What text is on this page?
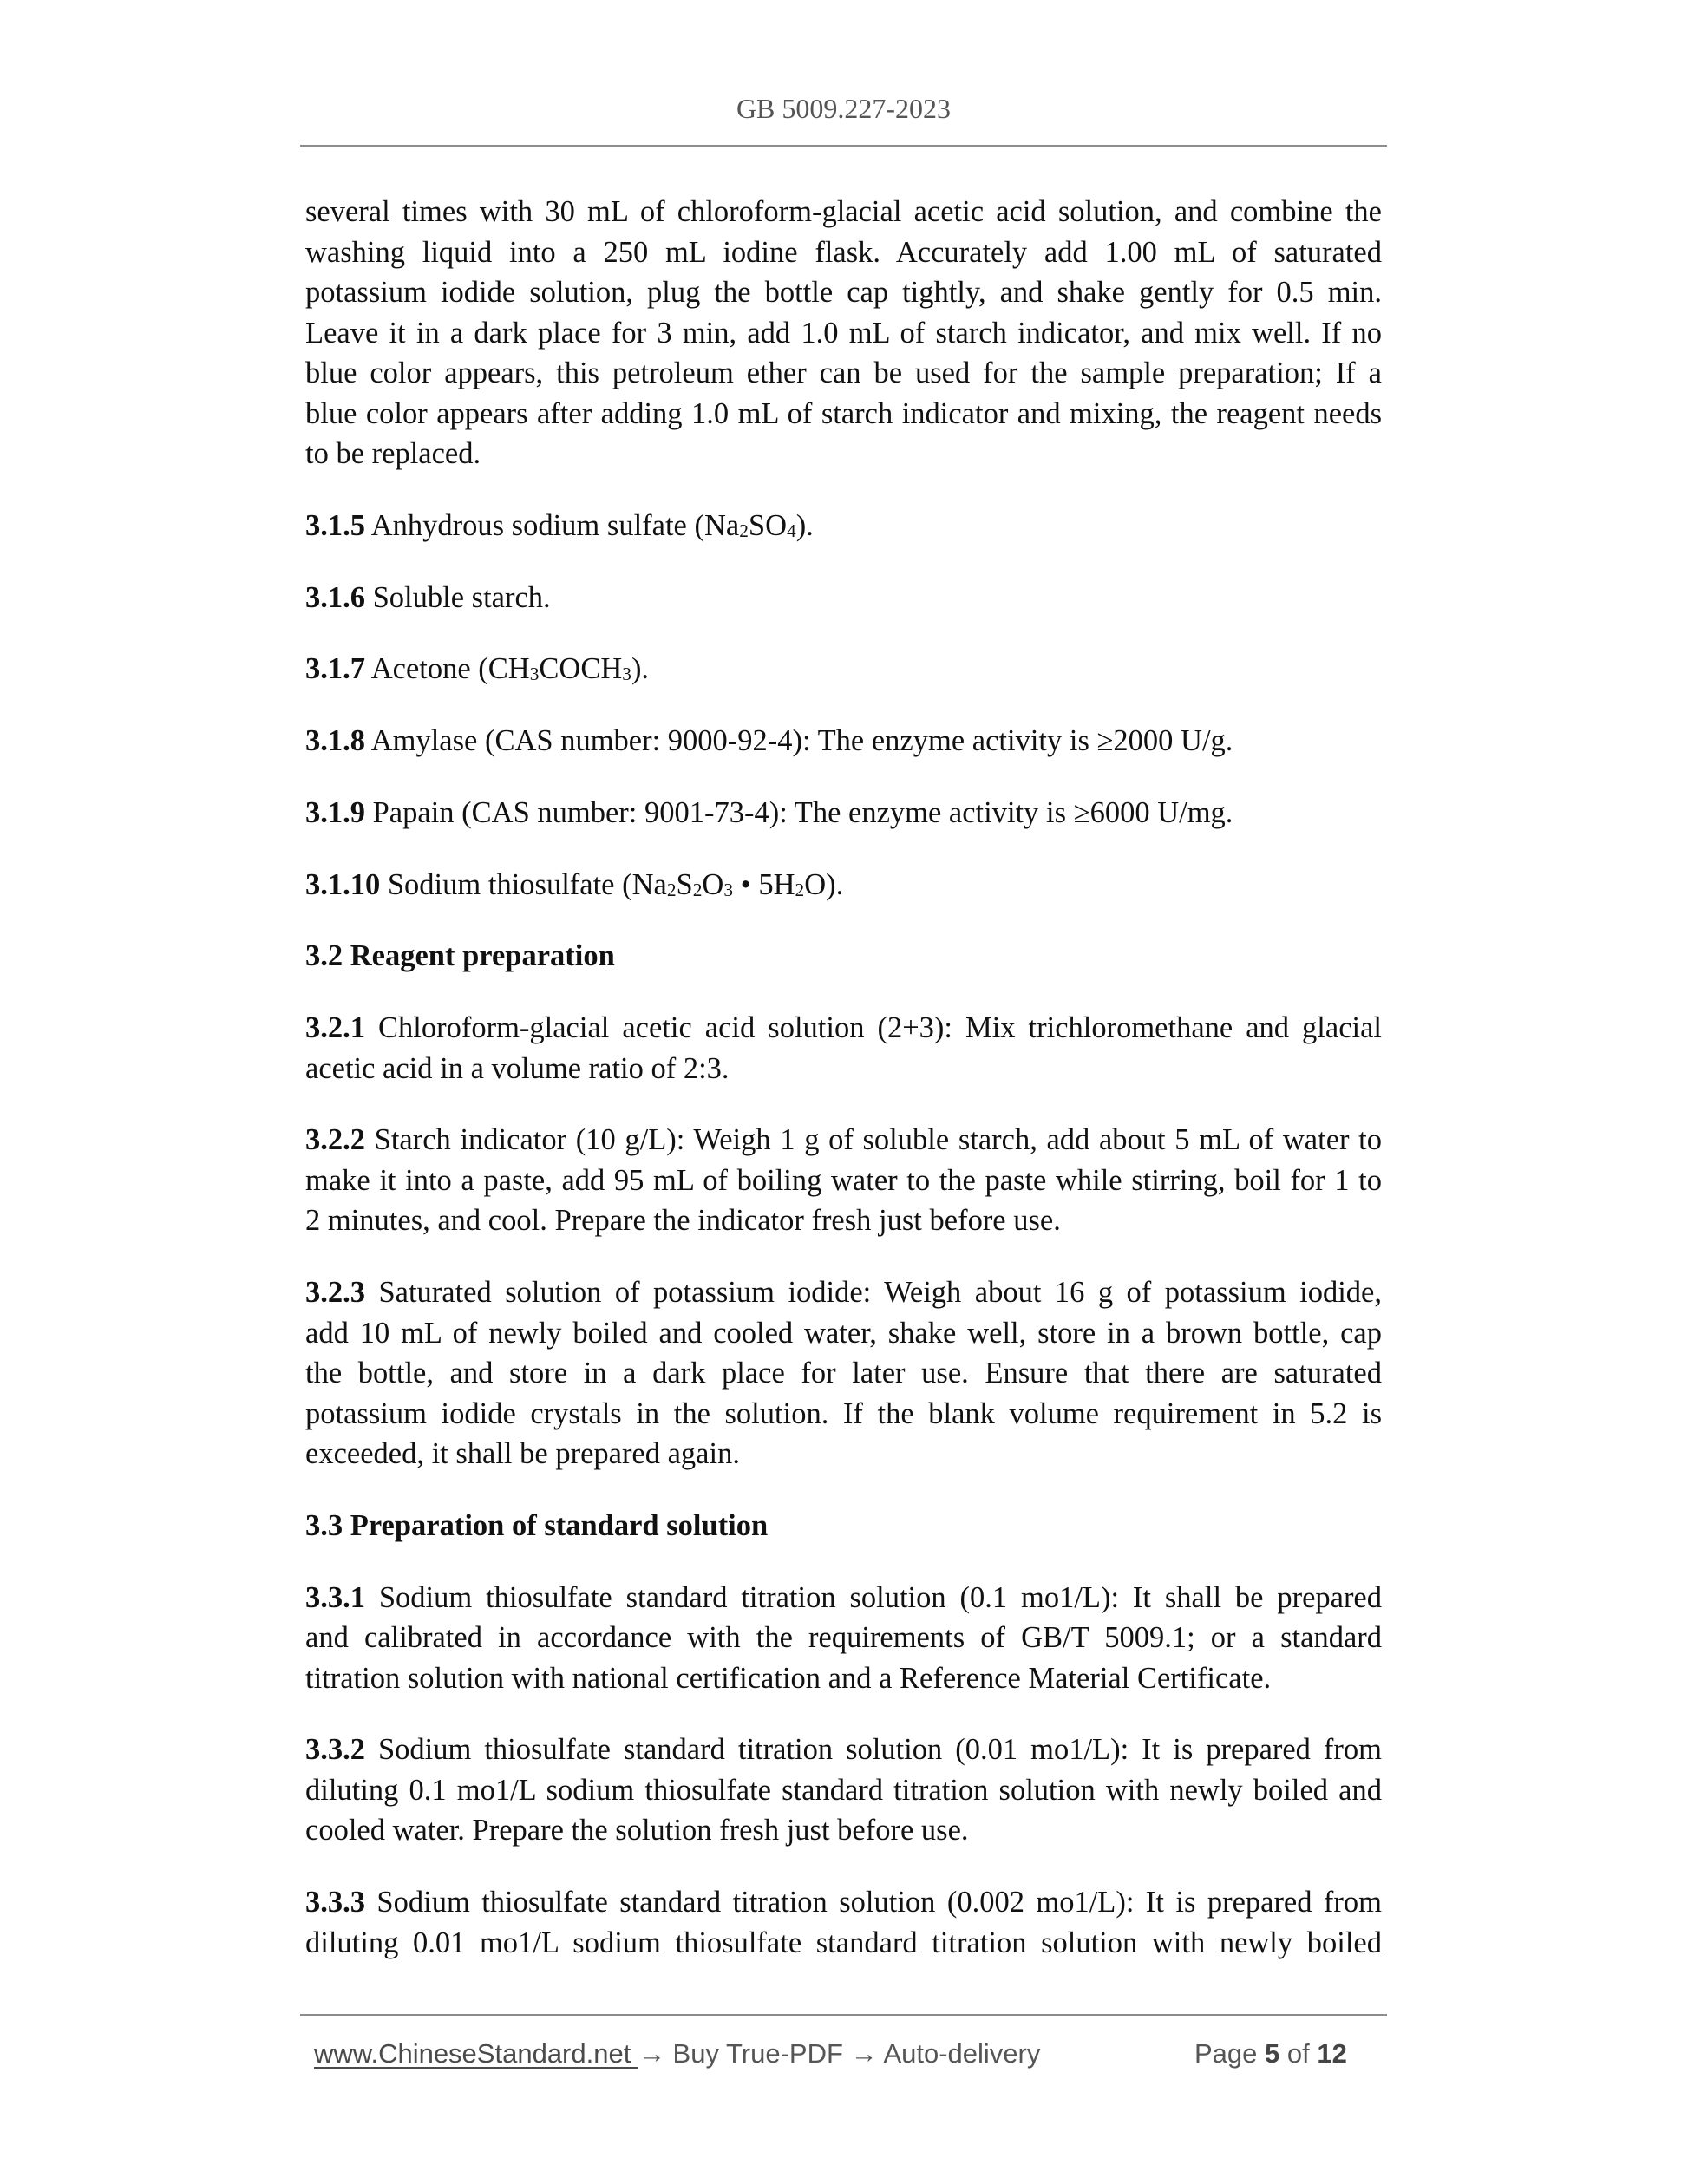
GB 5009.227-2023
several times with 30 mL of chloroform-glacial acetic acid solution, and combine the
washing liquid into a 250 mL iodine flask. Accurately add 1.00 mL of saturated
potassium iodide solution, plug the bottle cap tightly, and shake gently for 0.5 min.
Leave it in a dark place for 3 min, add 1.0 mL of starch indicator, and mix well. If no
blue color appears, this petroleum ether can be used for the sample preparation; If a
blue color appears after adding 1.0 mL of starch indicator and mixing, the reagent needs
to be replaced.
3.1.5 Anhydrous sodium sulfate (Na2SO4).
3.1.6 Soluble starch.
3.1.7 Acetone (CH3COCH3).
3.1.8 Amylase (CAS number: 9000-92-4): The enzyme activity is ≥2000 U/g.
3.1.9 Papain (CAS number: 9001-73-4): The enzyme activity is ≥6000 U/mg.
3.1.10 Sodium thiosulfate (Na2S2O3 • 5H2O).
3.2 Reagent preparation
3.2.1 Chloroform-glacial acetic acid solution (2+3): Mix trichloromethane and glacial
acetic acid in a volume ratio of 2:3.
3.2.2 Starch indicator (10 g/L): Weigh 1 g of soluble starch, add about 5 mL of water to
make it into a paste, add 95 mL of boiling water to the paste while stirring, boil for 1 to
2 minutes, and cool. Prepare the indicator fresh just before use.
3.2.3 Saturated solution of potassium iodide: Weigh about 16 g of potassium iodide,
add 10 mL of newly boiled and cooled water, shake well, store in a brown bottle, cap
the bottle, and store in a dark place for later use. Ensure that there are saturated
potassium iodide crystals in the solution. If the blank volume requirement in 5.2 is
exceeded, it shall be prepared again.
3.3 Preparation of standard solution
3.3.1 Sodium thiosulfate standard titration solution (0.1 mo1/L): It shall be prepared
and calibrated in accordance with the requirements of GB/T 5009.1; or a standard
titration solution with national certification and a Reference Material Certificate.
3.3.2 Sodium thiosulfate standard titration solution (0.01 mo1/L): It is prepared from
diluting 0.1 mo1/L sodium thiosulfate standard titration solution with newly boiled and
cooled water. Prepare the solution fresh just before use.
3.3.3 Sodium thiosulfate standard titration solution (0.002 mo1/L): It is prepared from
diluting 0.01 mo1/L sodium thiosulfate standard titration solution with newly boiled
www.ChineseStandard.net → Buy True-PDF → Auto-delivery	Page 5 of 12
